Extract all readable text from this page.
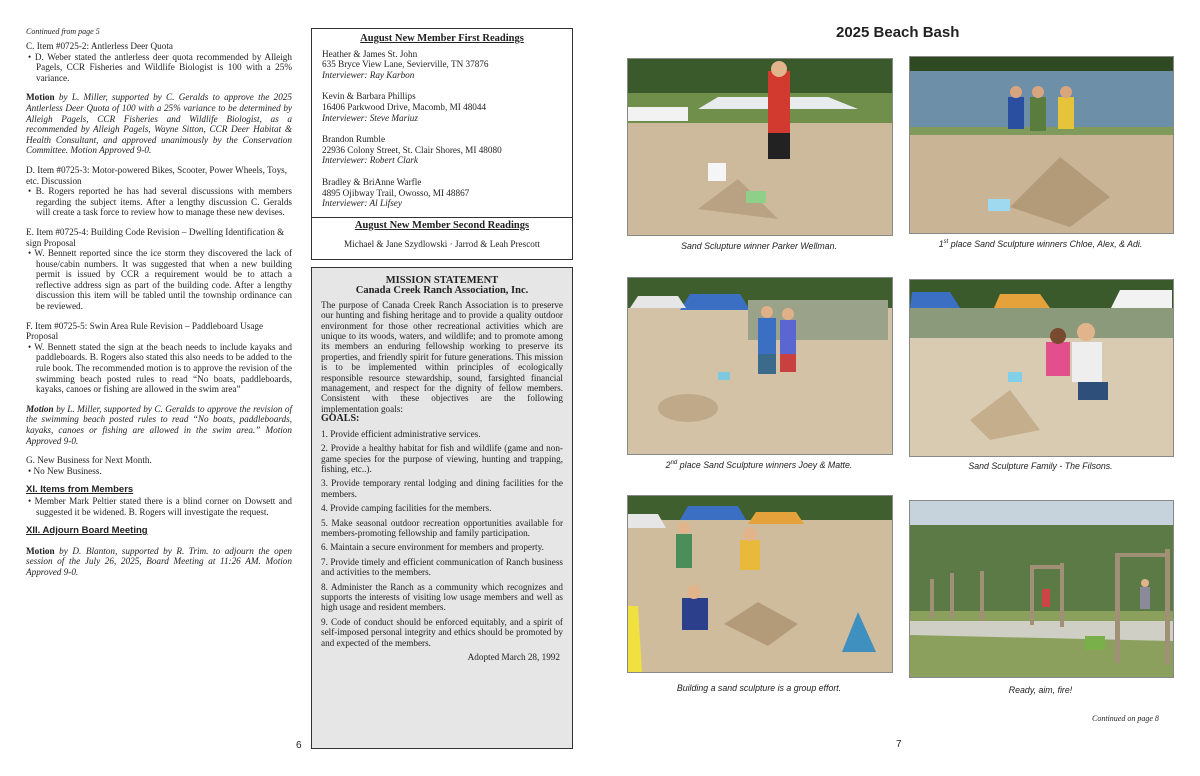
Continued from page 5
C. Item #0725-2: Antlerless Deer Quota
• D. Weber stated the antlerless deer quota recommended by Alleigh Pagels, CCR Fisheries and Wildlife Biologist is 100 with a 25% variance.

Motion by L. Miller, supported by C. Geralds to approve the 2025 Antlerless Deer Quota of 100 with a 25% variance to be determined by Alleigh Pagels, CCR Fisheries and Wildlife Biologist, as a recommended by Alleigh Pagels, Wayne Sitton, CCR Deer Habitat & Health Consultant, and approved unanimously by the Conservation Committee. Motion Approved 9-0.

D. Item #0725-3: Motor-powered Bikes, Scooter, Power Wheels, Toys, etc. Discussion
• B. Rogers reported he has had several discussions with members regarding the subject items. After a lengthy discussion C. Geralds will create a task force to review how to manage these new devises.
E. Item #0725-4: Building Code Revision – Dwelling Identification & sign Proposal
• W. Bennett reported since the ice storm they discovered the lack of house/cabin numbers. It was suggested that when a new building permit is issued by CCR a requirement would be to attach a reflective address sign as part of the building code. After a lengthy discussion this item will be tabled until the township ordinance can be reviewed.
F. Item #0725-5: Swin Area Rule Revision – Paddleboard Usage Proposal
• W. Bennett stated the sign at the beach needs to include kayaks and paddleboards. B. Rogers also stated this also needs to be added to the rule book. The recommended motion is to approve the revision of the swimming beach posted rules to read “No boats, paddleboards, kayaks, canoes or fishing are allowed in the swim area”

Motion by L. Miller, supported by C. Geralds to approve the revision of the swimming beach posted rules to read “No boats, paddleboards, kayaks, canoes or fishing are allowed in the swim area.” Motion Approved 9-0.

G. New Business for Next Month.
• No New Business.
XI. Items from Members
• Member Mark Peltier stated there is a blind corner on Dowsett and suggested it be widened. B. Rogers will investigate the request.
XII. Adjourn Board Meeting

Motion by D. Blanton, supported by R. Trim. to adjourn the open session of the July 26, 2025, Board Meeting at 11:26 AM. Motion Approved 9-0.

6
August New Member First Readings
Heather & James St. John
635 Bryce View Lane, Sevierville, TN 37876
Interviewer: Ray Karbon
Kevin & Barbara Phillips
16406 Parkwood Drive, Macomb, MI 48044
Interviewer: Steve Mariuz
Brandon Rumble
22936 Colony Street, St. Clair Shores, MI 48080
Interviewer: Robert Clark
Bradley & BriAnne Warfle
4895 Ojibway Trail, Owosso, MI 48867
Interviewer: Al Lifsey
August New Member Second Readings
Michael & Jane Szydlowski · Jarrod & Leah Prescott
MISSION STATEMENT
Canada Creek Ranch Association, Inc.
The purpose of Canada Creek Ranch Association is to preserve our hunting and fishing heritage and to provide a quality outdoor environment for those other recreational activities which are unique to its woods, waters, and wildlife; and to promote among its members an enduring fellowship working to preserve its properties, and friendly spirit for future generations. This mission is to be implemented within principles of ecologically responsible resource stewardship, sound, farsighted financial management, and respect for the dignity of fellow members. Consistent with these objectives are the following implementation goals:
GOALS:
1. Provide efficient administrative services.
2. Provide a healthy habitat for fish and wildlife (game and non-game species for the purpose of viewing, hunting and trapping, fishing, etc..).
3. Provide temporary rental lodging and dining facilities for the members.
4. Provide camping facilities for the members.
5. Make seasonal outdoor recreation opportunities available for members-promoting fellowship and family participation.
6. Maintain a secure environment for members and property.
7. Provide timely and efficient communication of Ranch business and activities to the members.
8. Administer the Ranch as a community which recognizes and supports the interests of visiting low usage members and well as high usage and resident members.
9. Code of conduct should be enforced equitably, and a spirit of self-imposed personal integrity and ethics should be promoted by and expected of the members.
Adopted March 28, 1992
2025 Beach Bash
Sand Sclupture winner Parker Wellman.	1st place Sand Sculpture winners Chloe, Alex, & Adi.
2nd place Sand Sculpture winners Joey & Matte.	Sand Sculpture Family - The Filsons.
Building a sand sculpture is a group effort.	Ready, aim, fire!
Continued on page 8
7
